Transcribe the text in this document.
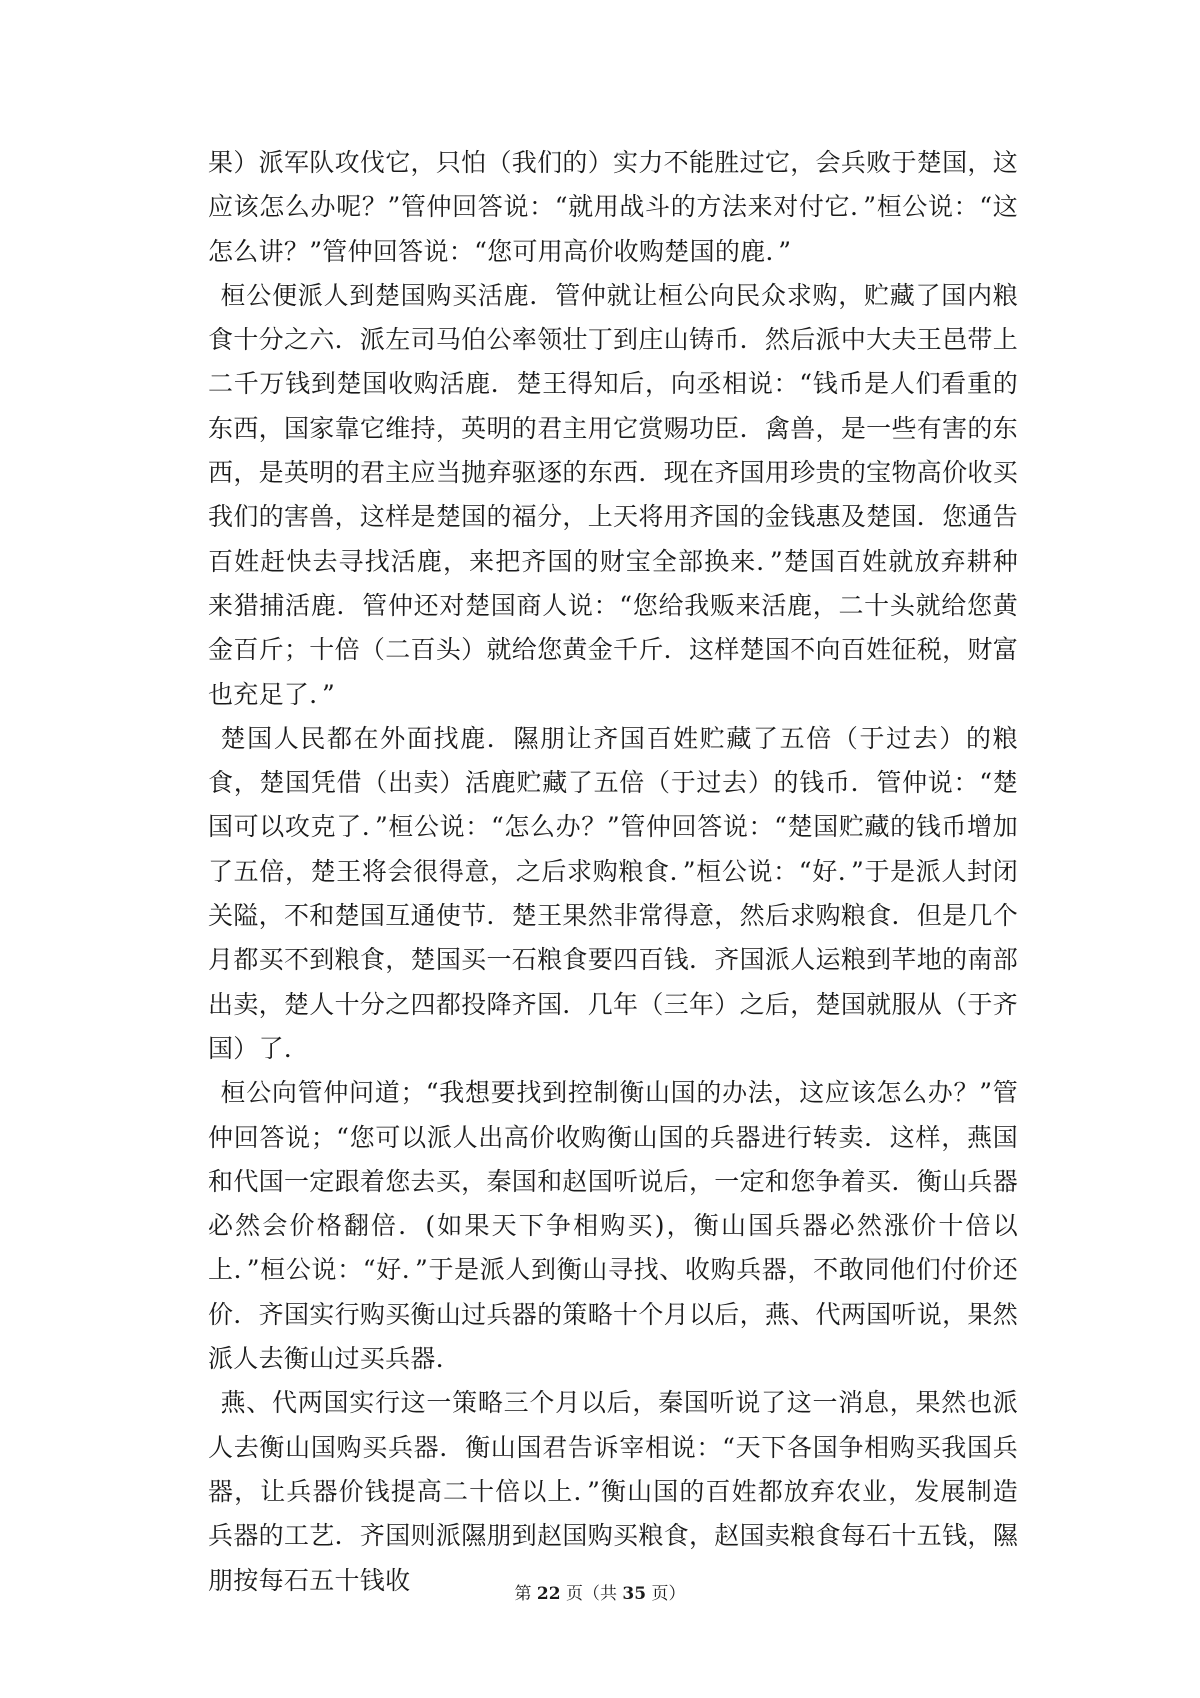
果）派军队攻伐它，只怕（我们的）实力不能胜过它，会兵败于楚国，这应该怎么办呢？”管仲回答说：“就用战斗的方法来对付它．”桓公说：“这怎么讲？”管仲回答说：“您可用高价收购楚国的鹿．”

桓公便派人到楚国购买活鹿．管仲就让桓公向民众求购，贮藏了国内粮食十分之六．派左司马伯公率领壮丁到庄山铸币．然后派中大夫王邑带上二千万钱到楚国收购活鹿．楚王得知后，向丞相说：“钱币是人们看重的东西，国家靠它维持，英明的君主用它赏赐功臣．禽兽，是一些有害的东西，是英明的君主应当抛弃驱逐的东西．现在齐国用珍贵的宝物高价收买我们的害兽，这样是楚国的福分，上天将用齐国的金钱惠及楚国．您通告百姓赶快去寻找活鹿，来把齐国的财宝全部换来．”楚国百姓就放弃耕种来猎捕活鹿．管仲还对楚国商人说：“您给我贩来活鹿，二十头就给您黄金百斤；十倍（二百头）就给您黄金千斤．这样楚国不向百姓征税，财富也充足了．”

楚国人民都在外面找鹿．隰朋让齐国百姓贮藏了五倍（于过去）的粮食，楚国凭借（出卖）活鹿贮藏了五倍（于过去）的钱币．管仲说：“楚国可以攻克了．”桓公说：“怎么办？”管仲回答说：“楚国贮藏的钱币增加了五倍，楚王将会很得意，之后求购粮食．”桓公说：“好．”于是派人封闭关隘，不和楚国互通使节．楚王果然非常得意，然后求购粮食．但是几个月都买不到粮食，楚国买一石粮食要四百钱．齐国派人运粮到芊地的南部出卖，楚人十分之四都投降齐国．几年（三年）之后，楚国就服从（于齐国）了．

桓公向管仲问道；“我想要找到控制衡山国的办法，这应该怎么办？”管仲回答说；“您可以派人出高价收购衡山国的兵器进行转卖．这样，燕国和代国一定跟着您去买，秦国和赵国听说后，一定和您争着买．衡山兵器必然会价格翻倍．(如果天下争相购买)，衡山国兵器必然涨价十倍以上．”桓公说：“好．”于是派人到衡山寻找、收购兵器，不敢同他们付价还价．齐国实行购买衡山过兵器的策略十个月以后，燕、代两国听说，果然派人去衡山过买兵器．

燕、代两国实行这一策略三个月以后，秦国听说了这一消息，果然也派人去衡山国购买兵器．衡山国君告诉宰相说：“天下各国争相购买我国兵器，让兵器价钱提高二十倍以上．”衡山国的百姓都放弃农业，发展制造兵器的工艺．齐国则派隰朋到赵国购买粮食，赵国卖粮食每石十五钱，隰朋按每石五十钱收	第 22 页（共 35 页）
